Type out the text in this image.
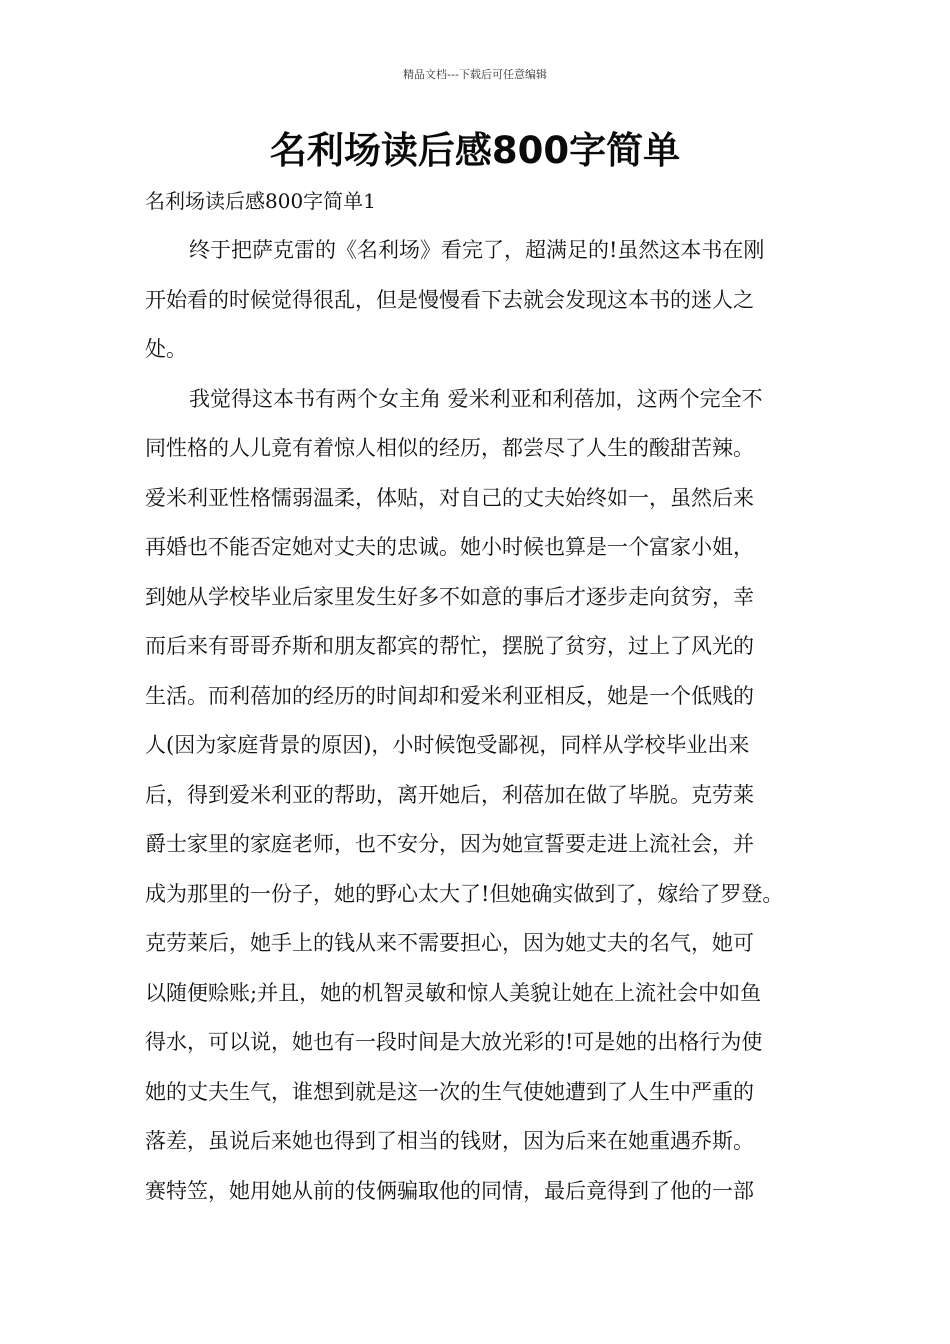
精品文档---下载后可任意编辑
名利场读后感800字简单
名利场读后感800字简单1
终于把萨克雷的《名利场》看完了，超满足的!虽然这本书在刚
开始看的时候觉得很乱，但是慢慢看下去就会发现这本书的迷人之
处。
我觉得这本书有两个女主角 爱米利亚和利蓓加，这两个完全不
同性格的人儿竟有着惊人相似的经历，都尝尽了人生的酸甜苦辣。
爱米利亚性格懦弱温柔，体贴，对自己的丈夫始终如一，虽然后来
再婚也不能否定她对丈夫的忠诚。她小时候也算是一个富家小姐，
到她从学校毕业后家里发生好多不如意的事后才逐步走向贫穷，幸
而后来有哥哥乔斯和朋友都宾的帮忙，摆脱了贫穷，过上了风光的
生活。而利蓓加的经历的时间却和爱米利亚相反，她是一个低贱的
人(因为家庭背景的原因)，小时候饱受鄙视，同样从学校毕业出来
后，得到爱米利亚的帮助，离开她后，利蓓加在做了毕脱。克劳莱
爵士家里的家庭老师，也不安分，因为她宣誓要走进上流社会，并
成为那里的一份子，她的野心太大了!但她确实做到了，嫁给了罗登。
克劳莱后，她手上的钱从来不需要担心，因为她丈夫的名气，她可
以随便赊账;并且，她的机智灵敏和惊人美貌让她在上流社会中如鱼
得水，可以说，她也有一段时间是大放光彩的!可是她的出格行为使
她的丈夫生气，谁想到就是这一次的生气使她遭到了人生中严重的
落差，虽说后来她也得到了相当的钱财，因为后来在她重遇乔斯。
赛特笠，她用她从前的伎俩骗取他的同情，最后竟得到了他的一部
